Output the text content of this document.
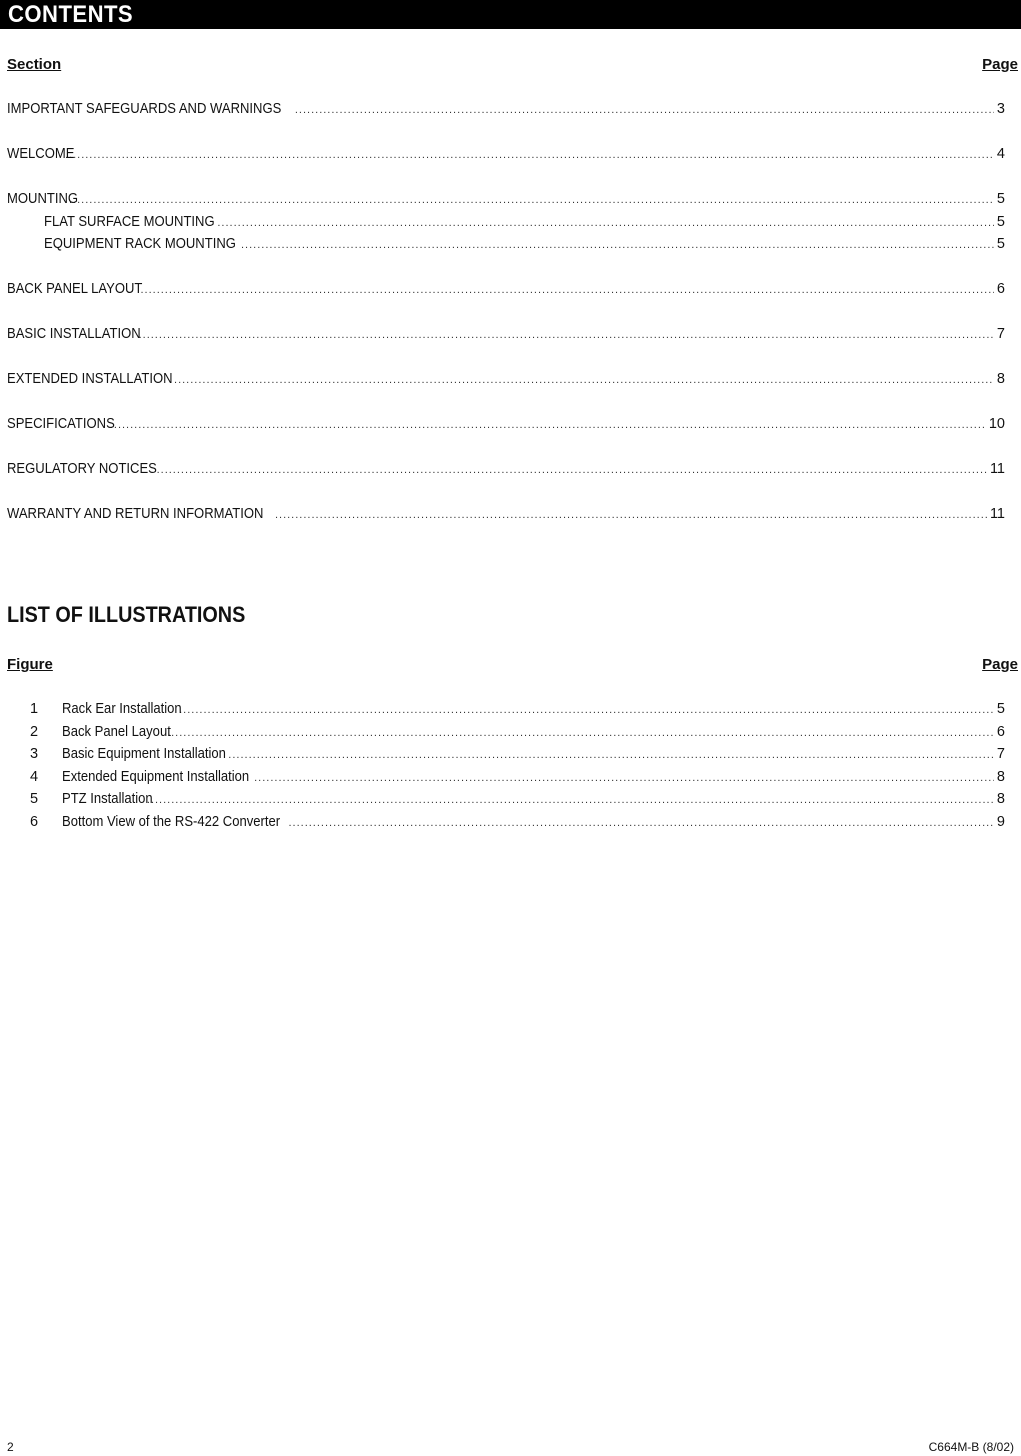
CONTENTS
Section	Page
IMPORTANT SAFEGUARDS AND WARNINGS .....	3
WELCOME .....	4
MOUNTING .....	5
FLAT SURFACE MOUNTING .....	5
EQUIPMENT RACK MOUNTING .....	5
BACK PANEL LAYOUT .....	6
BASIC INSTALLATION .....	7
EXTENDED INSTALLATION .....	8
SPECIFICATIONS .....	10
REGULATORY NOTICES .....	11
WARRANTY AND RETURN INFORMATION .....	11
LIST OF ILLUSTRATIONS
Figure	Page
1	Rack Ear Installation .....	5
2	Back Panel Layout .....	6
3	Basic Equipment Installation .....	7
4	Extended Equipment Installation .....	8
5	PTZ Installation .....	8
6	Bottom View of the RS-422 Converter .....	9
2	C664M-B (8/02)
